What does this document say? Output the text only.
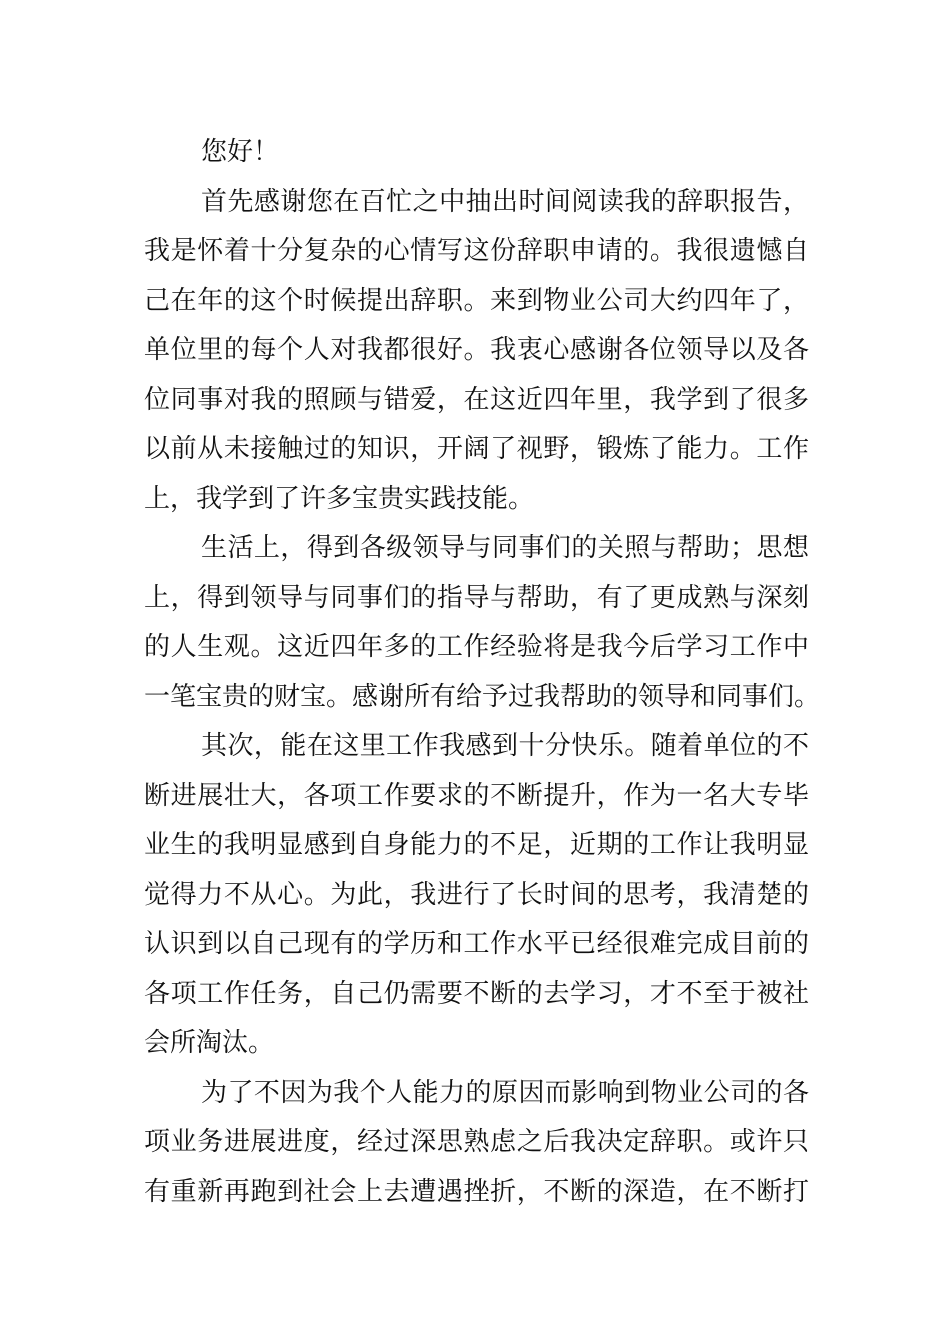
您好！
首先感谢您在百忙之中抽出时间阅读我的辞职报告，
我是怀着十分复杂的心情写这份辞职申请的。我很遗憾自
己在年的这个时候提出辞职。来到物业公司大约四年了，
单位里的每个人对我都很好。我衷心感谢各位领导以及各
位同事对我的照顾与错爱，在这近四年里，我学到了很多
以前从未接触过的知识，开阔了视野，锻炼了能力。工作
上，我学到了许多宝贵实践技能。
生活上，得到各级领导与同事们的关照与帮助；思想
上，得到领导与同事们的指导与帮助，有了更成熟与深刻
的人生观。这近四年多的工作经验将是我今后学习工作中
一笔宝贵的财宝。感谢所有给予过我帮助的领导和同事们。
其次，能在这里工作我感到十分快乐。随着单位的不
断进展壮大，各项工作要求的不断提升，作为一名大专毕
业生的我明显感到自身能力的不足，近期的工作让我明显
觉得力不从心。为此，我进行了长时间的思考，我清楚的
认识到以自己现有的学历和工作水平已经很难完成目前的
各项工作任务，自己仍需要不断的去学习，才不至于被社
会所淘汰。
为了不因为我个人能力的原因而影响到物业公司的各
项业务进展进度，经过深思熟虑之后我决定辞职。或许只
有重新再跑到社会上去遭遇挫折，不断的深造，在不断打
